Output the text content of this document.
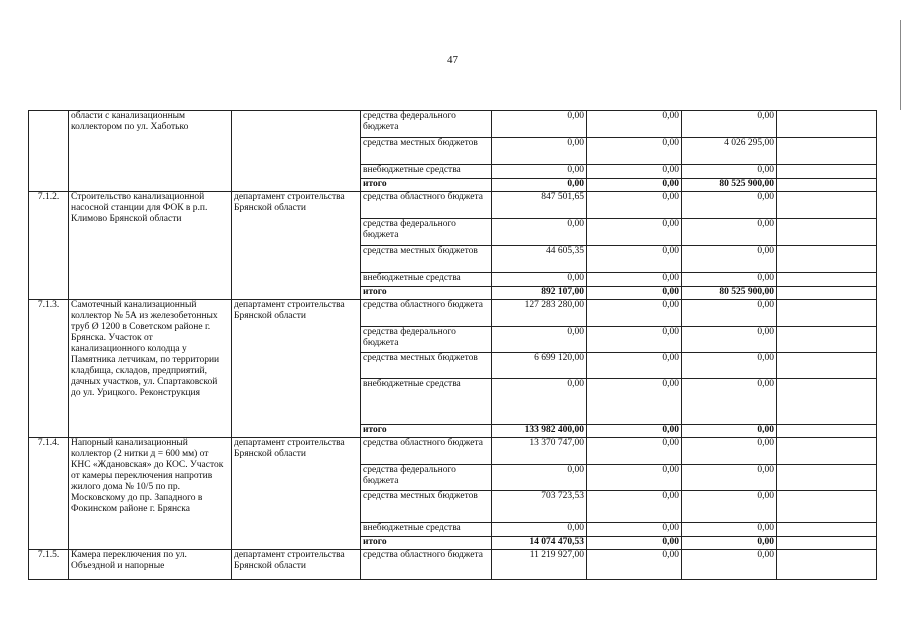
47
	области с канализационным коллектором по ул. Хаботько		средства федерального бюджета	0,00	0,00	0,00	
			средства местных бюджетов	0,00	0,00	4 026 295,00	
			внебюджетные средства	0,00	0,00	0,00	
			итого	0,00	0,00	80 525 900,00	
7.1.2.	Строительство канализационной насосной станции для ФОК в р.п. Климово Брянской области	департамент строительства Брянской области	средства областного бюджета	847 501,65	0,00	0,00	
			средства федерального бюджета	0,00	0,00	0,00	
			средства местных бюджетов	44 605,35	0,00	0,00	
			внебюджетные средства	0,00	0,00	0,00	
			итого	892 107,00	0,00	80 525 900,00	
7.1.3.	Самотечный канализационный коллектор № 5А из железобетонных труб Ø 1200 в Советском районе г. Брянска. Участок от канализационного колодца у Памятника летчикам, по территории кладбища, складов, предприятий, дачных участков, ул. Спартаковской до ул. Урицкого. Реконструкция	департамент строительства Брянской области	средства областного бюджета	127 283 280,00	0,00	0,00	
			средства федерального бюджета	0,00	0,00	0,00	
			средства местных бюджетов	6 699 120,00	0,00	0,00	
			внебюджетные средства	0,00	0,00	0,00	
			итого	133 982 400,00	0,00	0,00	
7.1.4.	Напорный канализационный коллектор (2 нитки д = 600 мм) от КНС «Ждановская» до КОС. Участок от камеры переключения напротив жилого дома № 10/5 по пр. Московскому до пр. Западного в Фокинском районе г. Брянска	департамент строительства Брянской области	средства областного бюджета	13 370 747,00	0,00	0,00	
			средства федерального бюджета	0,00	0,00	0,00	
			средства местных бюджетов	703 723,53	0,00	0,00	
			внебюджетные средства	0,00	0,00	0,00	
			итого	14 074 470,53	0,00	0,00	
7.1.5.	Камера переключения по ул. Объездной и напорные	департамент строительства Брянской области	средства областного бюджета	11 219 927,00	0,00	0,00	
